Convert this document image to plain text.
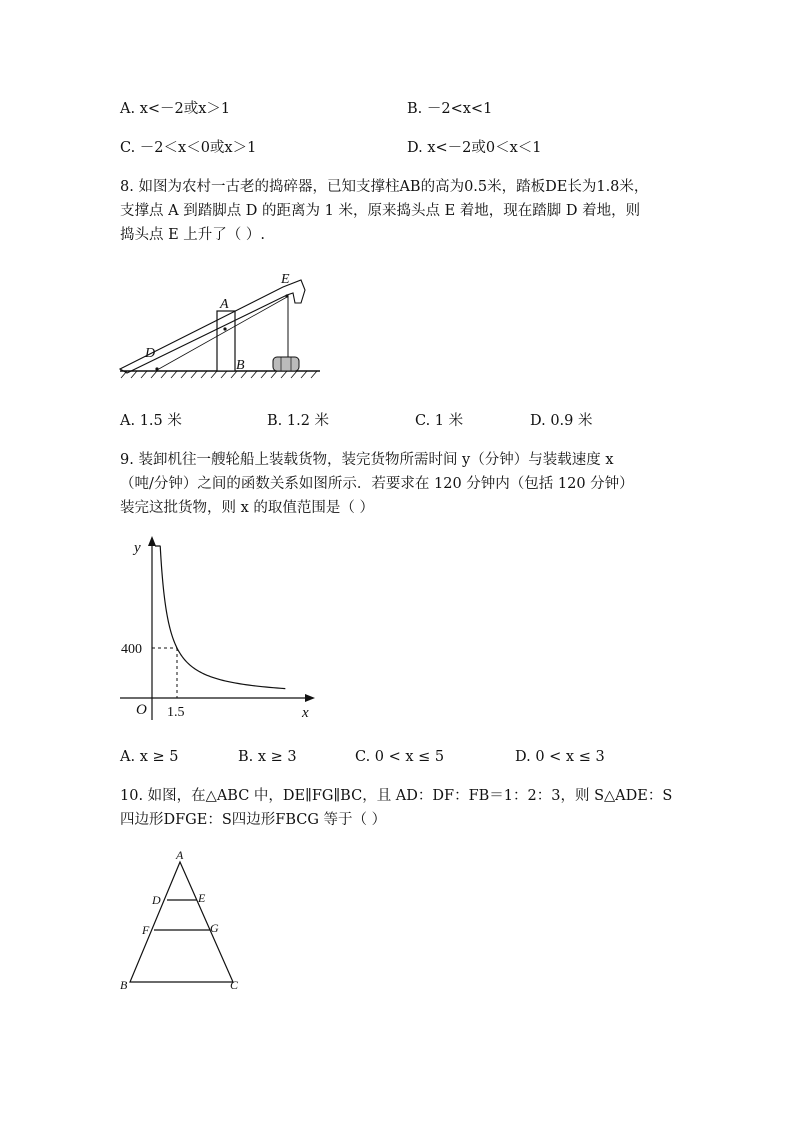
A. x<－2或x＞1	B. －2<x<1
C. －2＜x＜0或x＞1	D. x<－2或0＜x＜1
8. 如图为农村一古老的捣碎器，已知支撑柱AB的高为0.5米，踏板DE长为1.8米，
支撑点 A 到踏脚点 D 的距离为 1 米，原来捣头点 E 着地，现在踏脚 D 着地，则
捣头点 E 上升了（ ）.
D
A
B
E
A. 1.5 米	B. 1.2 米	C. 1 米	D. 0.9 米
9. 装卸机往一艘轮船上装载货物，装完货物所需时间 y（分钟）与装载速度 x
（吨/分钟）之间的函数关系如图所示．若要求在 120 分钟内（包括 120 分钟）
装完这批货物，则 x 的取值范围是（ ）
y
x
O
400
1.5
A. x ≥ 5	B. x ≥ 3	C. 0 < x ≤ 5	D. 0 < x ≤ 3
10. 如图，在△ABC 中，DE∥FG∥BC，且 AD：DF：FB＝1：2：3，则 S△ADE：S
四边形DFGE：S四边形FBCG 等于（ ）
A
D	E
F	G
B	C
